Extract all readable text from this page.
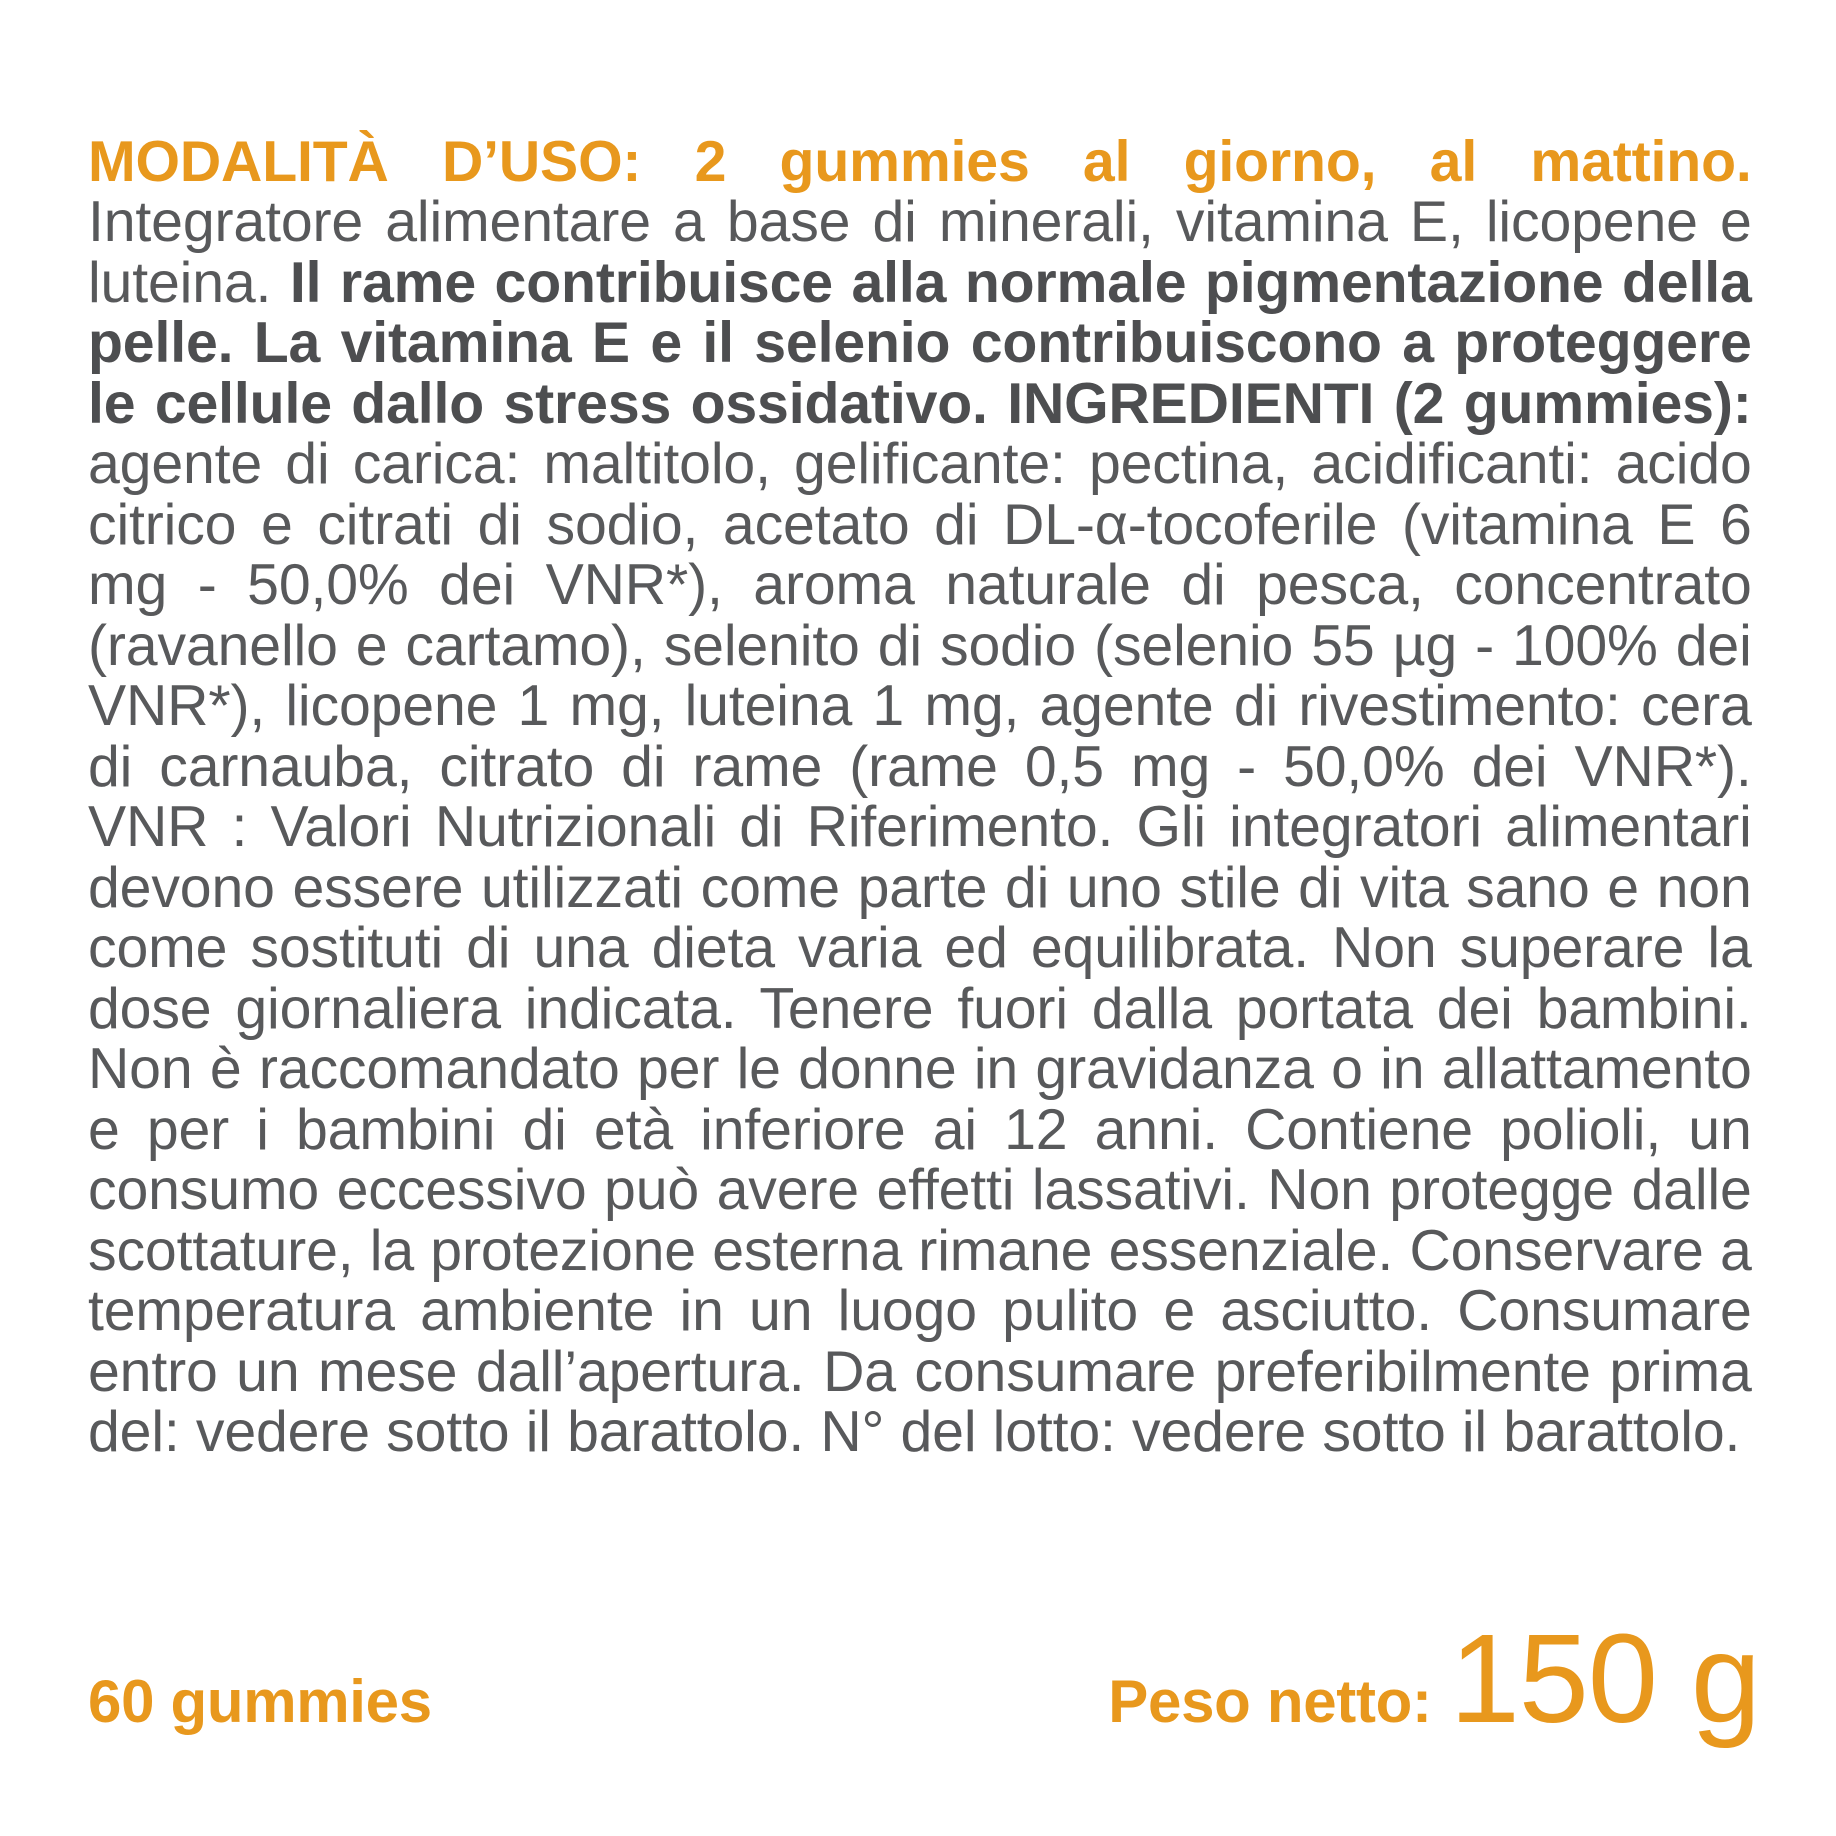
MODALITÀ D’USO: 2 gummies al giorno, al mattino. Integratore alimentare a base di minerali, vitamina E, licopene e luteina. Il rame contribuisce alla normale pigmentazione della pelle. La vitamina E e il selenio contribuiscono a proteggere le cellule dallo stress ossidativo. INGREDIENTI (2 gummies): agente di carica: maltitolo, gelificante: pectina, acidificanti: acido citrico e citrati di sodio, acetato di DL-α-tocoferile (vitamina E 6 mg - 50,0% dei VNR*), aroma naturale di pesca, concentrato (ravanello e cartamo), selenito di sodio (selenio 55 µg - 100% dei VNR*), licopene 1 mg, luteina 1 mg, agente di rivestimento: cera di carnauba, citrato di rame (rame 0,5 mg - 50,0% dei VNR*). VNR : Valori Nutrizionali di Riferimento. Gli integratori alimentari devono essere utilizzati come parte di uno stile di vita sano e non come sostituti di una dieta varia ed equilibrata. Non superare la dose giornaliera indicata. Tenere fuori dalla portata dei bambini. Non è raccomandato per le donne in gravidanza o in allattamento e per i bambini di età inferiore ai 12 anni. Contiene polioli, un consumo eccessivo può avere effetti lassativi. Non protegge dalle scottature, la protezione esterna rimane essenziale. Conservare a temperatura ambiente in un luogo pulito e asciutto. Consumare entro un mese dall’apertura. Da consumare preferibilmente prima del: vedere sotto il barattolo. N° del lotto: vedere sotto il barattolo.

60 gummies	Peso netto: 150 g
